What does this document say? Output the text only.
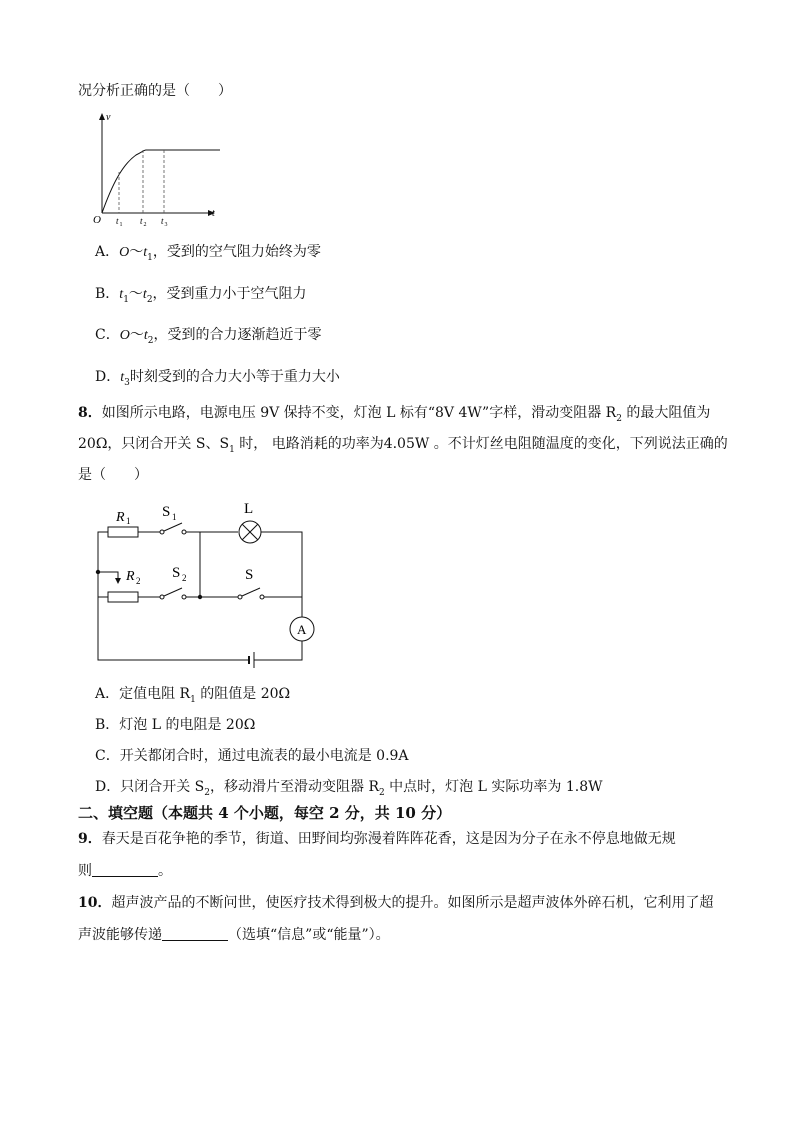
况分析正确的是（　　）
v
t
O t 1 t 2 t 3
A．$O\sim t_1$，受到的空气阻力始终为零
B．$t_1\sim t_2$，受到重力小于空气阻力
C．$O\sim t_2$，受到的合力逐渐趋近于零
D．$t_3$时刻受到的合力大小等于重力大小
8．如图所示电路，电源电压 9V 保持不变，灯泡 L 标有“8V 4W”字样，滑动变阻器 $R_2$ 的最大阻值为
20Ω，只闭合开关 S、$S_1$ 时， 电路消耗的功率为4.05W 。不计灯丝电阻随温度的变化，下列说法正确的
是（　　）
A
R 1
S 1	L
R 2 S 2	S
A．定值电阻 $R_1$ 的阻值是 20Ω
B．灯泡 L 的电阻是 20Ω
C．开关都闭合时，通过电流表的最小电流是 0.9A
D．只闭合开关 $S_2$，移动滑片至滑动变阻器 $R_2$ 中点时，灯泡 L 实际功率为 1.8W
二、填空题（本题共 4 个小题，每空 2 分，共 10 分）
9．春天是百花争艳的季节，街道、田野间均弥漫着阵阵花香，这是因为分子在永不停息地做无规
则	。
10．超声波产品的不断问世，使医疗技术得到极大的提升。如图所示是超声波体外碎石机，它利用了超
声波能够传递	（选填“信息”或“能量”）。
